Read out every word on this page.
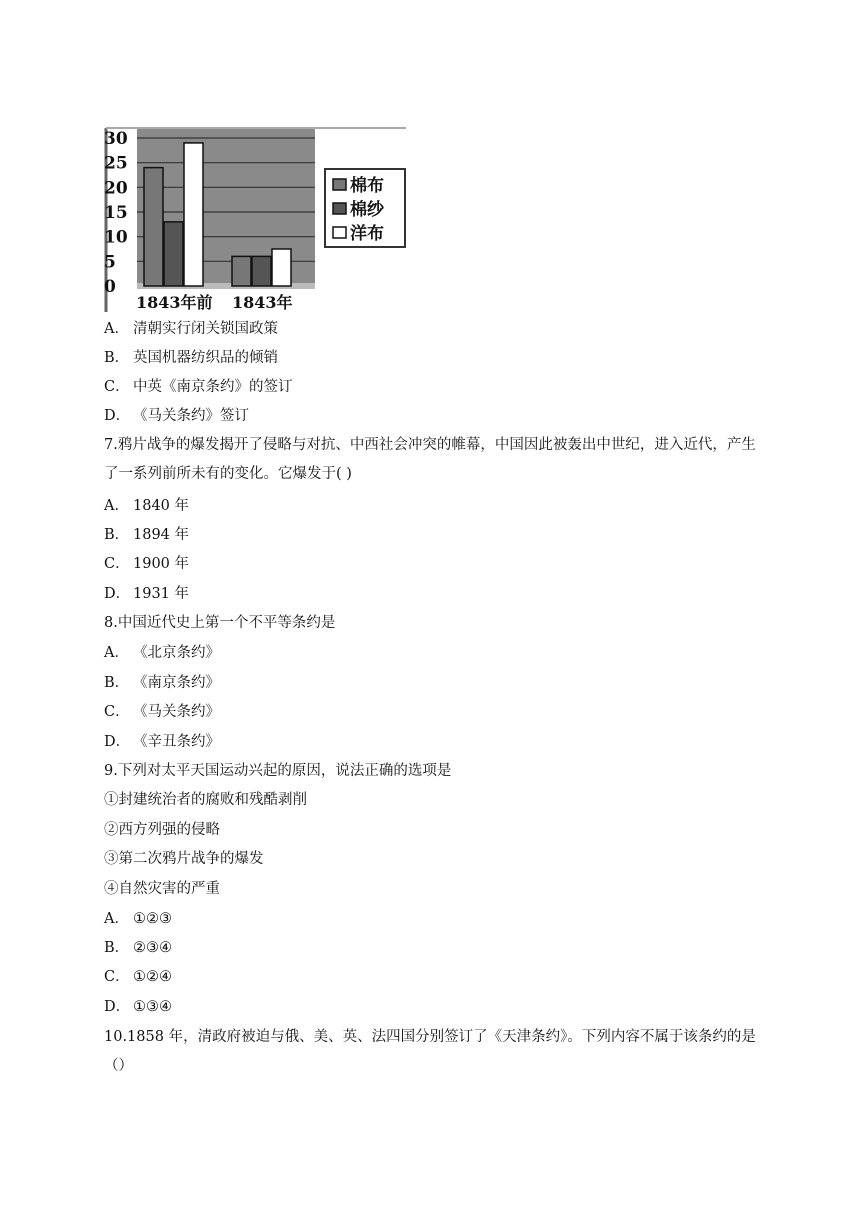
30
25
20
15
10
5
0
1843年前 1843年
棉布
棉纱
洋布
A． 清朝实行闭关锁国政策
B． 英国机器纺织品的倾销
C． 中英《南京条约》的签订
D． 《马关条约》签订
7.鸦片战争的爆发揭开了侵略与对抗、中西社会冲突的帷幕，中国因此被轰出中世纪，进入近代，产生了一系列前所未有的变化。它爆发于( )
A． 1840 年
B． 1894 年
C． 1900 年
D． 1931 年
8.中国近代史上第一个不平等条约是
A． 《北京条约》
B． 《南京条约》
C． 《马关条约》
D． 《辛丑条约》
9.下列对太平天国运动兴起的原因，说法正确的选项是
①封建统治者的腐败和残酷剥削
②西方列强的侵略
③第二次鸦片战争的爆发
④自然灾害的严重
A． ①②③
B． ②③④
C． ①②④
D． ①③④
10.1858 年，清政府被迫与俄、美、英、法四国分别签订了《天津条约》。下列内容不属于该条约的是（）
